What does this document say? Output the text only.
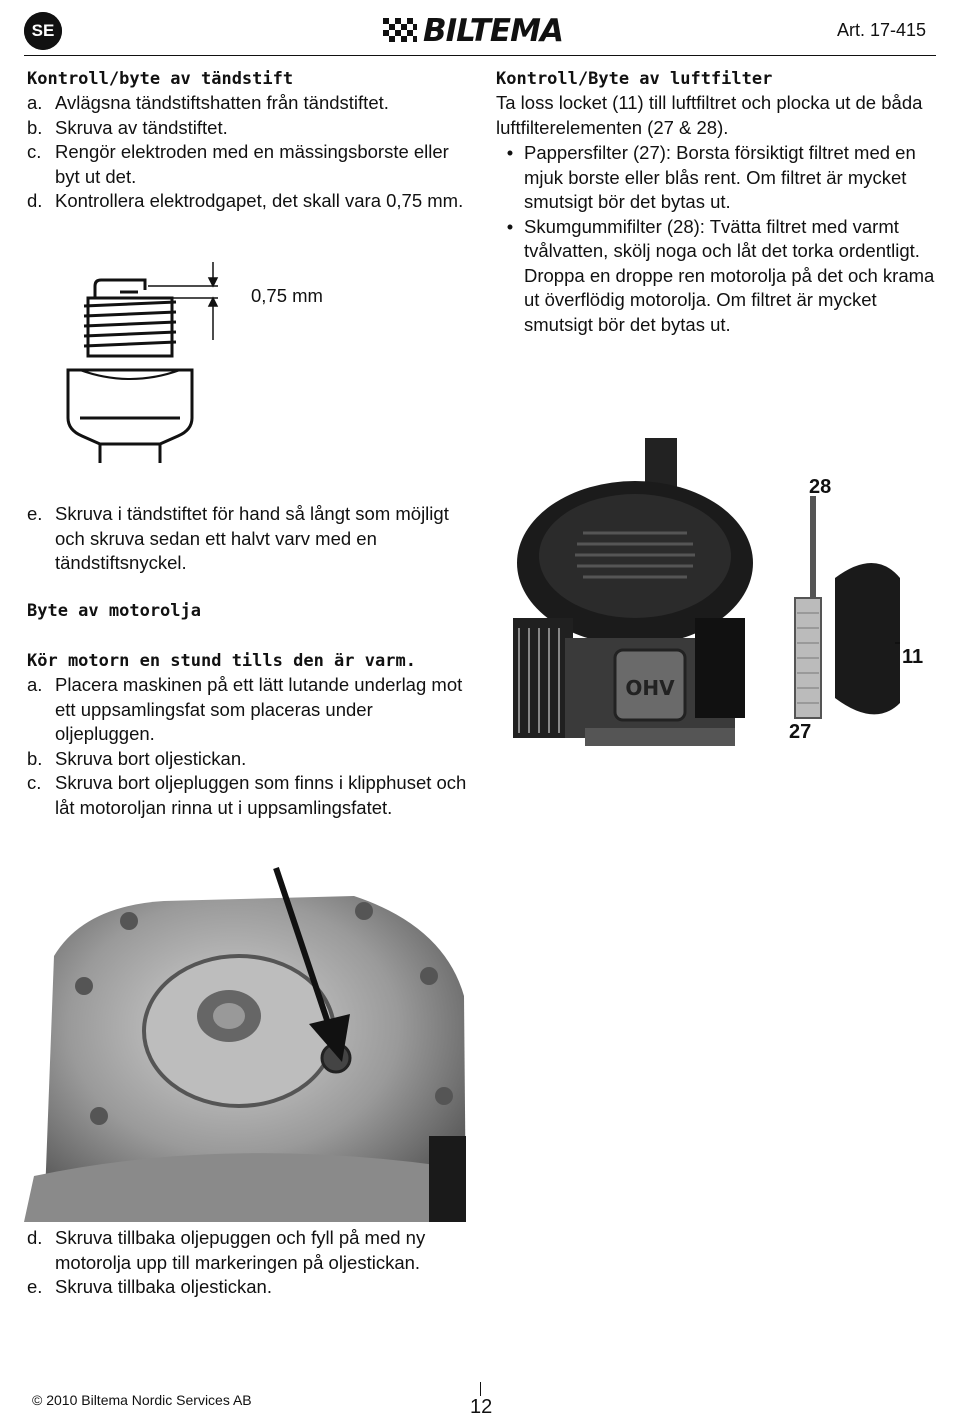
SE	BILTEMA	Art. 17-415
Kontroll/byte av tändstift
a. Avlägsna tändstiftshatten från tändstiftet.
b. Skruva av tändstiftet.
c. Rengör elektroden med en mässingsborste eller byt ut det.
d. Kontrollera elektrodgapet, det skall vara 0,75 mm.
0,75 mm
e. Skruva i tändstiftet för hand så långt som möjligt och skruva sedan ett halvt varv med en tändstiftsnyckel.
Kontroll/Byte av luftfilter
Ta loss locket (11) till luftfiltret och plocka ut de båda luftfilterelementen (27 & 28).
• Pappersfilter (27): Borsta försiktigt filtret med en mjuk borste eller blås rent. Om filtret är mycket smutsigt bör det bytas ut.
• Skumgummifilter (28): Tvätta filtret med varmt tvålvatten, skölj noga och låt det torka ordentligt. Droppa en droppe ren motorolja på det och krama ut överflödig motorolja. Om filtret är mycket smutsigt bör det bytas ut.
OHV
28
11
27
Byte av motorolja
Kör motorn en stund tills den är varm.
a. Placera maskinen på ett lätt lutande underlag mot ett uppsamlingsfat som placeras under oljepluggen.
b. Skruva bort oljestickan.
c. Skruva bort oljepluggen som finns i klipphuset och låt motoroljan rinna ut i uppsamlingsfatet.
d. Skruva tillbaka oljepuggen och fyll på med ny motorolja upp till markeringen på oljestickan.
e. Skruva tillbaka oljestickan.
© 2010 Biltema Nordic Services AB	12
